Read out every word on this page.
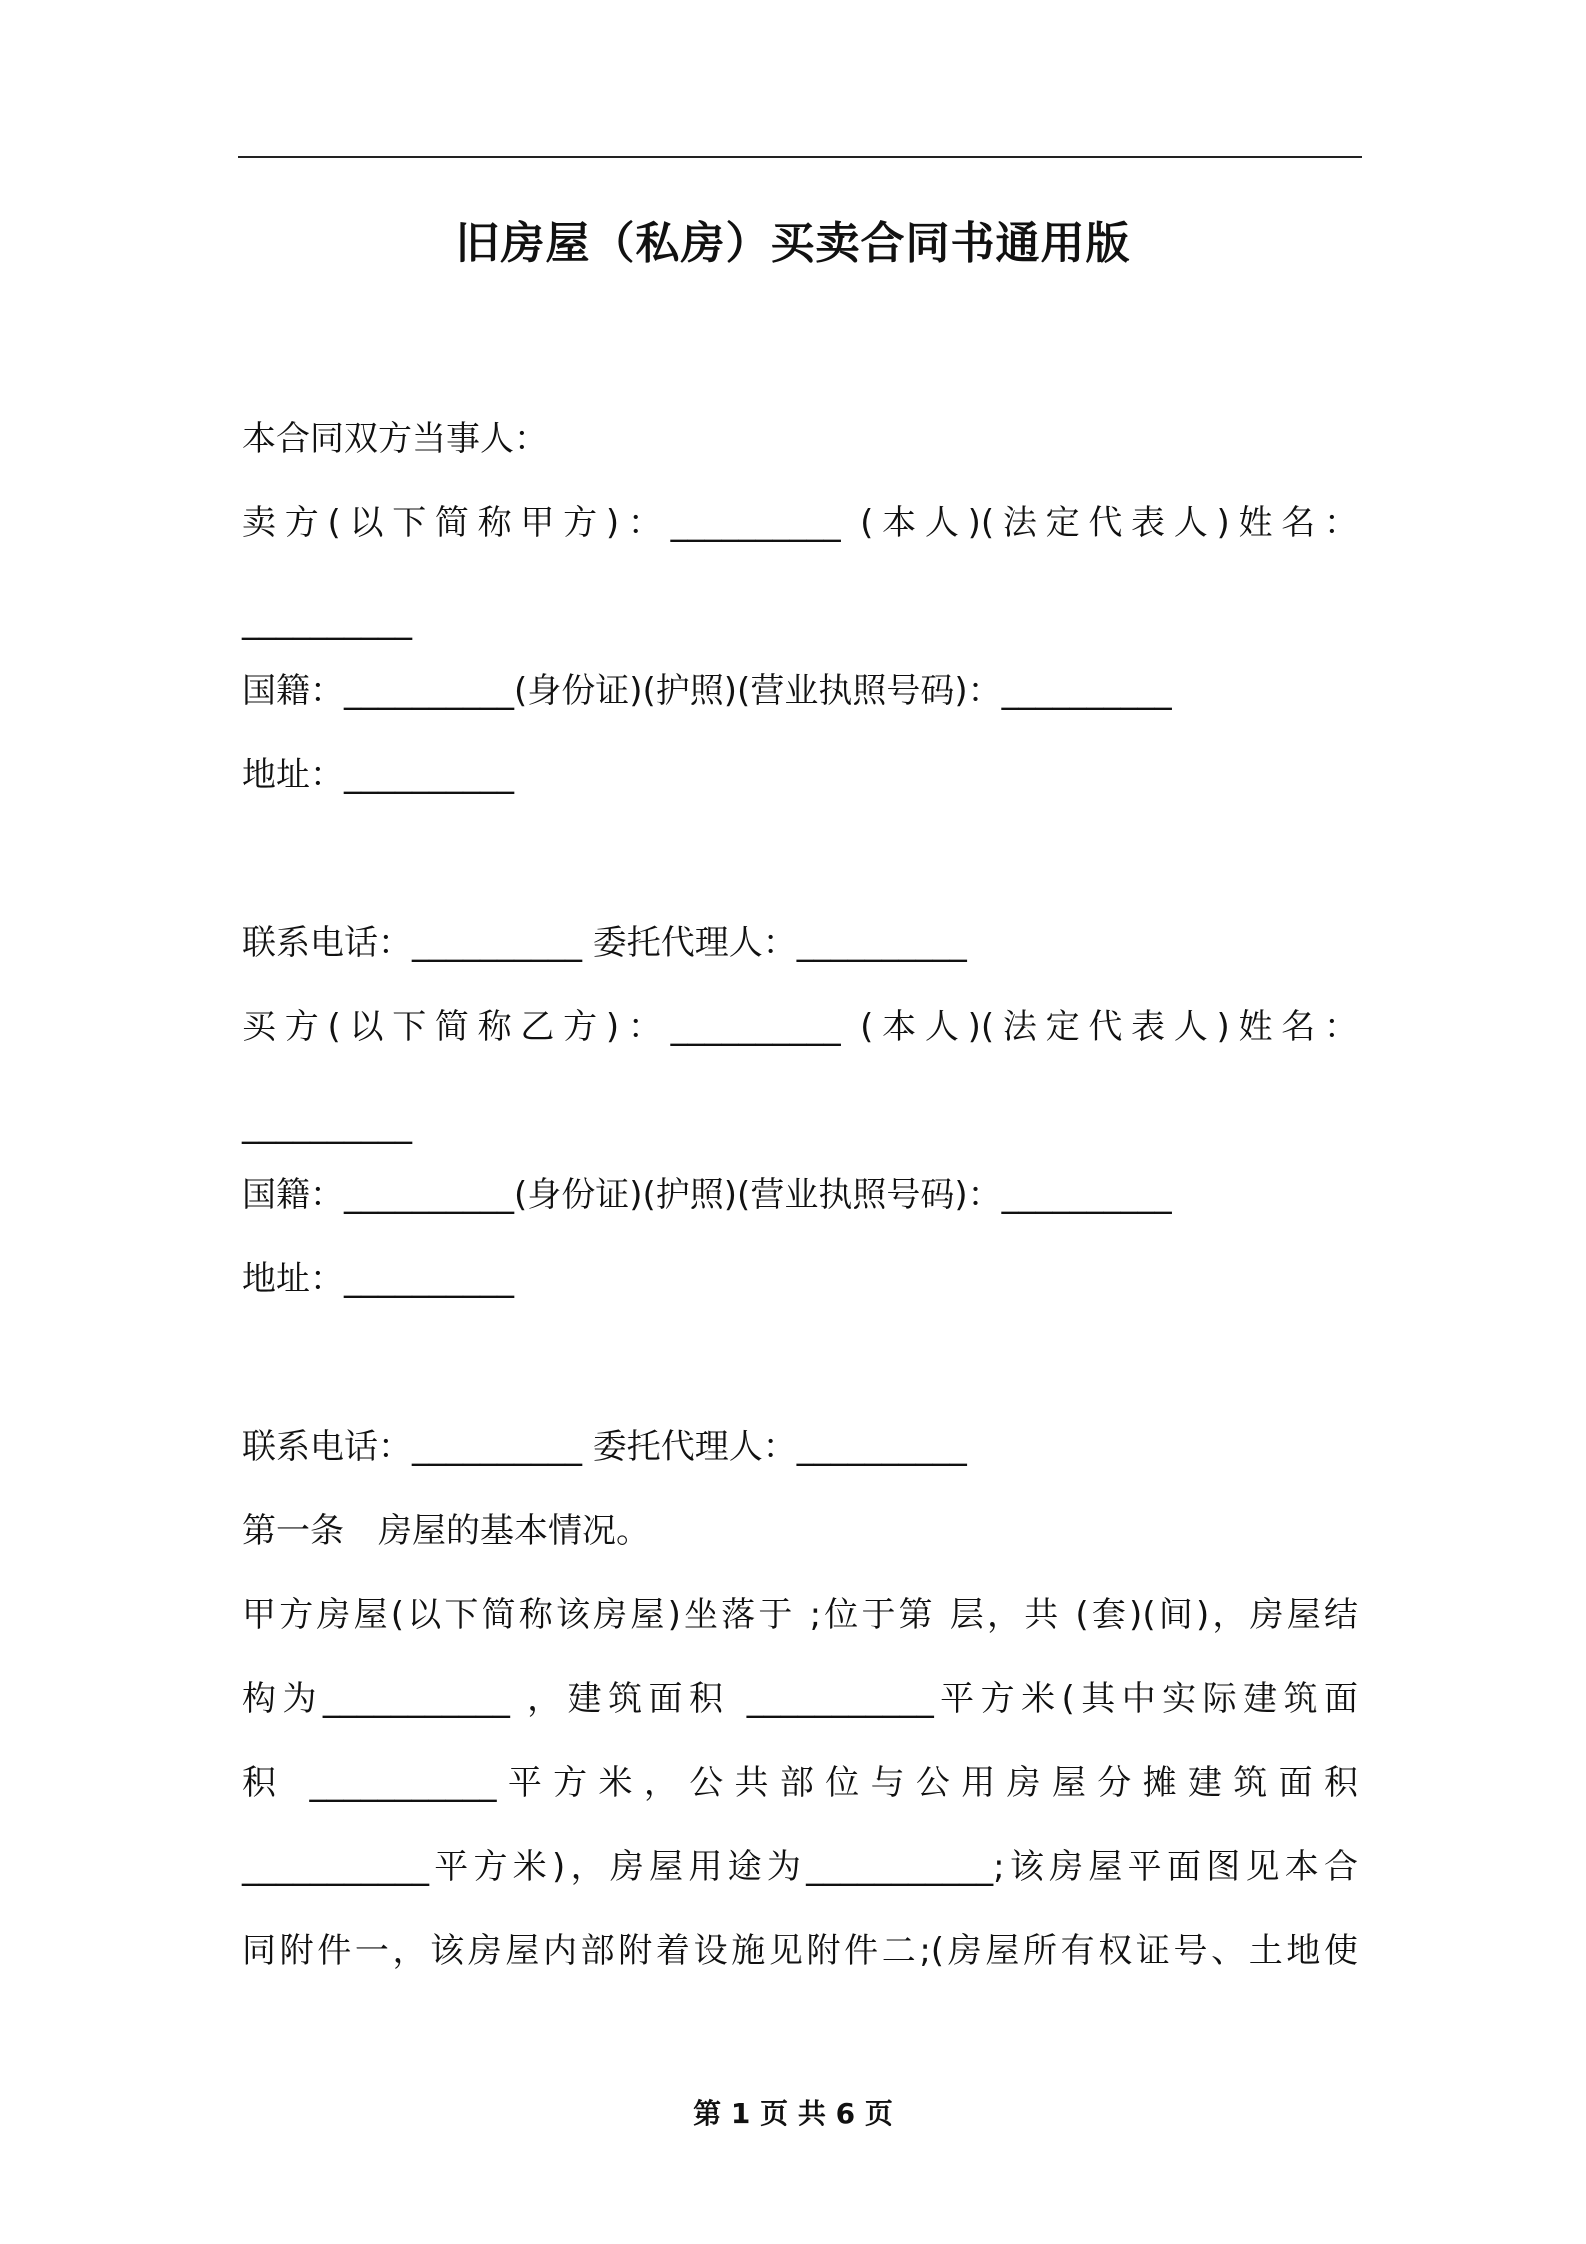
旧房屋（私房）买卖合同书通用版
本合同双方当事人：
卖方(以下简称甲方)：__________ (本人)(法定代表人)姓名：
__________
国籍：__________(身份证)(护照)(营业执照号码)：__________
地址：__________
联系电话：__________ 委托代理人：__________
买方(以下简称乙方)：__________ (本人)(法定代表人)姓名：
__________
国籍：__________(身份证)(护照)(营业执照号码)：__________
地址：__________
联系电话：__________ 委托代理人：__________
第一条　房屋的基本情况。
甲方房屋(以下简称该房屋)坐落于 ;位于第 层，共 (套)(间)，房屋结
构为___________ ，建筑面积 ___________平方米(其中实际建筑面
积 ___________平方米，公共部位与公用房屋分摊建筑面积
___________平方米)，房屋用途为___________;该房屋平面图见本合
同附件一，该房屋内部附着设施见附件二;(房屋所有权证号、土地使
第 1 页 共 6 页
